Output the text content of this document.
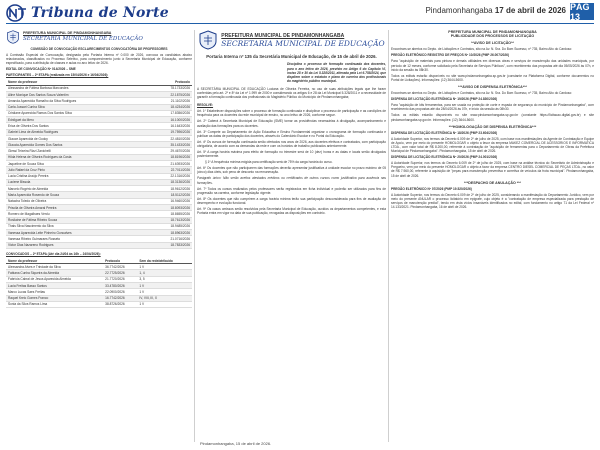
Tribuna de Norte	Pindamonhangaba 17 de abril de 2026 PÁG 13
PREFEITURA MUNICIPAL DE PINDAMONHANGABA
SECRETARIA MUNICIPAL DE EDUCAÇÃO
COMISSÃO DE CONVOCAÇÃO ESCLARECIMENTOS CONVOCATÓRIA DE PROFESSORES
A Comissão Especial de Convocação, designada pela Portaria Interna nº 0.000 de 2026, convoca os candidatos abaixo relacionados, classificados no Processo Seletivo, para comparecimento junto à Secretaria Municipal de Educação, conforme especificado, para a atribuição de classes e aulas no ano letivo de 2026.
EDITAL DE CONVOCAÇÃO Nº 014/2026 – SME
PARTICIPANTES – 2ª ETAPA (realizada em 15/04/2026 e 16/04/2026):
Nome do professor	Protocolo
Alessandra de Fátima Barbosa Marcondes	78.1733/2026
Aline Monique Dos Santos Souza Valentim	22.1875/2026
Amanda Aparecida Ramalho da Silva Rodrigues	21.1102/2026
Carla Jussari Cunha Silva	18.4234/2026
Cristiane Aparecida Ramos Dos Santos Silva	17.8356/2026
Ednilguet da Mero	16.1000/2026
Erica de Oliveira Dos Santos	16.1643/2026
Gabriel Lima de Almeida Rodrigues	19.7596/2026
Glauce Aparecida de Godoy	22.4810/2026
Glaucia Aparecida Gomes Dos Santos	35.1433/2026
Glessi Teixeira Rizzi Zanichelli	29.4670/2026
Hilda Helena de Oliveira Rodrigues da Costa	18.8196/2026
Jaqueline de Souza Silva	21.6393/2026
Julio Rafael da Cruz Pinto	22.7011/2026
Lucia Cristina Araújo Pereira	22.1316/2026
Luciene Bissola	18.3136/2026
Marcelo Rogério de Almeida	18.9612/2026
Maria Aparecida Rosendo de Souza	18.5112/2026
Natacha Toledo de Oliveira	16.9460/2026
Priscila de Oliveira Amaral Pereira	18.8093/2026
Romero de Magalhaes Verdu	18.8655/2026
Rosilaine de Fátima Ribeiro Souza	18.7613/2026
Thais Silva Nascimento da Silva	18.9485/2026
Vanessa Aparecida Leite Pinheiro Goncalves	18.8963/2026
Vanessa Ribeiro Guimaraes Rosseto	21.0716/2026
Victor Dias Nazareno Rodrigues	18.7833/2026
CONVOCADOS – 2ª ETAPA (Até dia 24/04 às 16h – 24/04/2026):
Nome do professor	Protocolo	Sem da rede/atribuído
Alexsandra Alves e Trindade da Silva	36.7742/2026	1 V
Fabiana Cunha Siqueira da Almeida	22.7725/2026	1, 4
Fabrícia Cabral de Jesus Aparecida Almeida	21.7720/2026	3, 5
Lucia Freitas Basso Santos	33.4780/2026	1 V
Marco Lucas Saes Freitas	22.0900/2026	1 V
Raquel Kreic Gomes Franco	16.7742/2026	IV, VIII, III, X
Sonia da Silva Ramos Lima	38.8726/2026	1 V
PREFEITURA MUNICIPAL DE PINDAMONHANGABA
SECRETARIA MUNICIPAL DE EDUCAÇÃO
Portaria Interna nº 135 da Secretária Municipal de Educação, de 15 de abril de 2026.
Disciplina o processo de formação continuada dos docentes, para o ano letivo de 2026, previsto no Artigo 6 do Capítulo VI, inciso 28 e 30 da Lei 5.328/2011, alterada pela Lei 6.758/2024, que dispõem sobre o estatuto e plano de carreira dos profissionais do magistério público municipal.
A SECRETÁRIA MUNICIPAL DE EDUCAÇÃO Luciana de Oliveira Ferreira, no uso de suas atribuições legais que lhe foram conferidas pelo art. 2º e 8º da Lei nº 1.999 de 2000 e considerando os artigos 6 e 28 da Lei Municipal 5.328/2011 e a necessidade de garantir a formação continuada dos profissionais do Magistério Público do Município de Pindamonhangaba;
RESOLVE:
Art. 1º Estabelecer disposições sobre o processo de formação continuada e disciplinar o processo de participação e as condições de frequência para os docentes da rede municipal de ensino, no ano letivo de 2026, conforme segue.
Art. 2º Caberá à Secretaria Municipal de Educação (SME) tomar as providências necessárias à divulgação, acompanhamento e avaliação das formações para os docentes.
Art. 3º Compete ao Departamento de Ação Educativa e Ensino Fundamental organizar o cronograma de formação continuada e publicar as datas de participação dos docentes, através do Calendário Escolar e no Portal da Educação.
Art. 4º Os cursos de formação continuada serão ofertados nos anos de 2026, aos docentes efetivos e contratados, com participação obrigatória, de acordo com as demandas da rede e com os horários de trabalho publicados anteriormente.
Art. 5º A carga horária máxima para efeito de formação no trimestre será de 10 (dez) horas e as datas e locais serão divulgados posteriormente.
§ 1º A frequência mínima exigida para certificação será de 75% da carga horária do curso.
Art. 6º Os docentes que não participarem das formações deverão apresentar justificativa à unidade escolar no prazo máximo de 05 (cinco) dias úteis, sob pena de desconto na remuneração.
Parágrafo único: Não serão aceitos atestados médicos ou certificados de outros cursos como justificativa para ausência nas formações.
Art. 7º Todos os cursos realizados pelos professores serão registrados em ficha individual e poderão ser utilizados para fins de progressão na carreira, conforme legislação vigente.
Art. 8º Os docentes que não cumprirem a carga horária mínima terão sua participação desconsiderada para fins de avaliação de desempenho e evolução funcional.
Art. 9º Os casos omissos serão resolvidos pela Secretaria Municipal de Educação, ouvidos os departamentos competentes, e esta Portaria entra em vigor na data de sua publicação, revogadas as disposições em contrário.
PREFEITURA MUNICIPAL DE PINDAMONHANGABA
PUBLICIDADE DOS PROCESSOS DE LICITAÇÃO
**AVISO DE LICITAÇÃO**
Encontram-se abertos no Depto. de Licitações e Contratos, sito na Av. N. Sra. Do Bom Sucesso, nº 735, Bairro Alto do Cardoso:
PREGÃO ELETRÔNICO REGISTRO DE PREÇOS Nº 10/2026 (PMP 26.007/2026)
Para "aquisição de materiais para pintura e demais utilidades em diversas obras e serviços de manutenção das unidades municipais, por período de 12 meses, conforme solicitado pela Secretaria de Serviços Públicos", com recebimento das propostas até dia 05/05/2026 às 07h, e início da sessão às 08h30.
Todos os editais estarão disponíveis no site www.pindamonhangaba.sp.gov.br (constante na Plataforma Digital, conforme documentos no Portal de Licitações). Informações: (12) 3644-5600.
***AVISO DE DISPENSA ELETRÔNICA***
Encontram-se abertos no Depto. de Licitações e Contratos, sito na Av. N. Sra. Do Bom Sucesso, nº 735, Bairro Alto do Cardoso:
DISPENSA DE LICITAÇÃO ELETRÔNICA Nº 19/2026 (PMP 24.830/2026)
Para "aquisição de kits ferramentas, para ser usada na proteção de corte e espada de segurança do município de Pindamonhangaba", com recebimento das propostas até dia 28/04/2026 às 07h, e início da sessão às 08h30.
Todos os editais estarão disponíveis no site www.pindamonhangaba.sp.gov.br (constante https://licitacao.digital.gov.br) e site pindamonhangaba.sp.gov.br. Informações: (12) 3644-5600.
***HOMOLOGAÇÃO DE DISPENSA ELETRÔNICA***
DISPENSA DE LICITAÇÃO ELETRÔNICA Nº 18/2026 (PMP 23.604/2026)
A Autoridade Superior, nos termos da Decreto 6.009 de 2º de julho de 2025, com base nos manifestações da Agente de Contratação e Equipe de Apoio, vem por meio do presente HOMOLOGAR o objeto a favor da empresa MAKEZ COMERCIAL DE ACESSORIOS E INFORMATICA LTDA., com valor total de R$ 8.200,00, referente à contratação de "aquisição de ferramentas para o Departamento de Obras da Prefeitura Municipal de Pindamonhangaba". Pindamonhangaba, 15 de abril de 2026.
DISPENSA DE LICITAÇÃO ELETRÔNICA Nº 20/2026 (PMP 24.001/2026)
A Autoridade Superior, nos termos do Decreto 6.009 de 2º de julho de 2025, com base na análise técnica do Secretário de Administração e Pregoeiro, vem por meio do presente HOMOLOGAR o objeto a favor da empresa CENTRO DIESEL COMERCIAL DE PEÇAS LTDA., no valor de R$ 7.960,00, referente à aquisição de "peças para manutenção preventiva e corretiva de veículos da frota municipal". Pindamonhangaba, 15 de abril de 2026.
***DESPACHO DE ANULAÇÃO ***
PREGÃO ELETRÔNICO Nº 07/2026 (PMP 19.520/2026)
A Autoridade Superior, nos termos do Decreto 6.009 de 2º de julho de 2025, considerando a manifestação do Departamento Jurídico, vem por meio do presente ANULAR o processo licitatório em epígrafe, cujo objeto é a "contratação de empresa especializada para prestação de serviços de manutenção predial", tendo em vista vícios insanáveis identificados no edital, com fundamento no artigo 71 da Lei Federal nº 14.133/2021. Pindamonhangaba, 16 de abril de 2026.
Pindamonhangaba, 15 de abril de 2026.
